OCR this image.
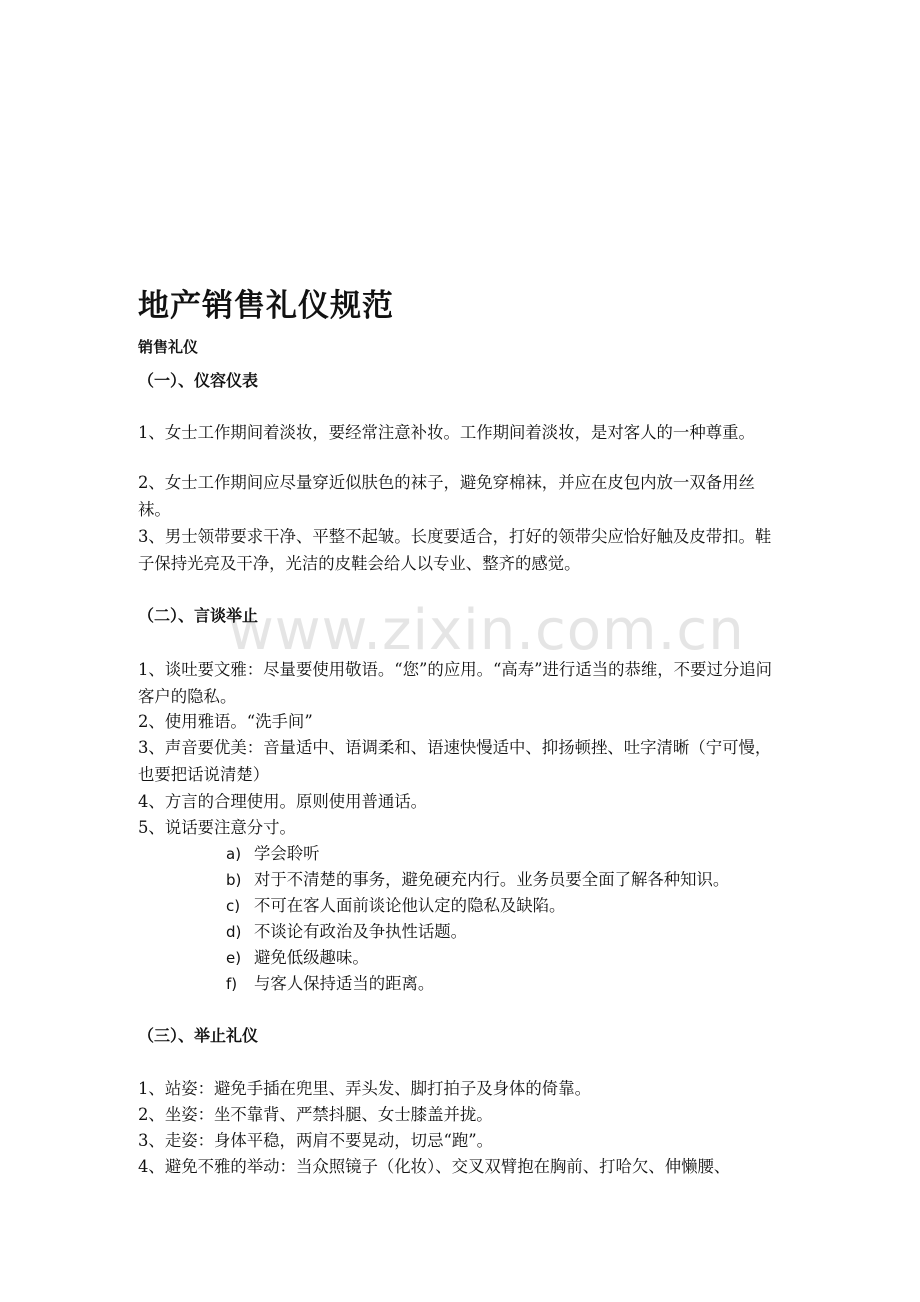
www.zixin.com.cn
地产销售礼仪规范
销售礼仪
（一）、仪容仪表

1、女士工作期间着淡妆，要经常注意补妆。工作期间着淡妆，是对客人的一种尊重。

2、女士工作期间应尽量穿近似肤色的袜子，避免穿棉袜，并应在皮包内放一双备用丝袜。

3、男士领带要求干净、平整不起皱。长度要适合，打好的领带尖应恰好触及皮带扣。鞋子保持光亮及干净，光洁的皮鞋会给人以专业、整齐的感觉。

（二）、言谈举止

1、谈吐要文雅：尽量要使用敬语。“您”的应用。“高寿”进行适当的恭维，不要过分追问客户的隐私。

2、使用雅语。“洗手间”

3、声音要优美：音量适中、语调柔和、语速快慢适中、抑扬顿挫、吐字清晰（宁可慢，也要把话说清楚）

4、方言的合理使用。原则使用普通话。

5、说话要注意分寸。

a) 学会聆听
b) 对于不清楚的事务，避免硬充内行。业务员要全面了解各种知识。
c) 不可在客人面前谈论他认定的隐私及缺陷。
d) 不谈论有政治及争执性话题。
e) 避免低级趣味。
f) 与客人保持适当的距离。
（三）、举止礼仪

1、站姿：避免手插在兜里、弄头发、脚打拍子及身体的倚靠。

2、坐姿：坐不靠背、严禁抖腿、女士膝盖并拢。

3、走姿：身体平稳，两肩不要晃动，切忌“跑”。

4、避免不雅的举动：当众照镜子（化妆）、交叉双臂抱在胸前、打哈欠、伸懒腰、
